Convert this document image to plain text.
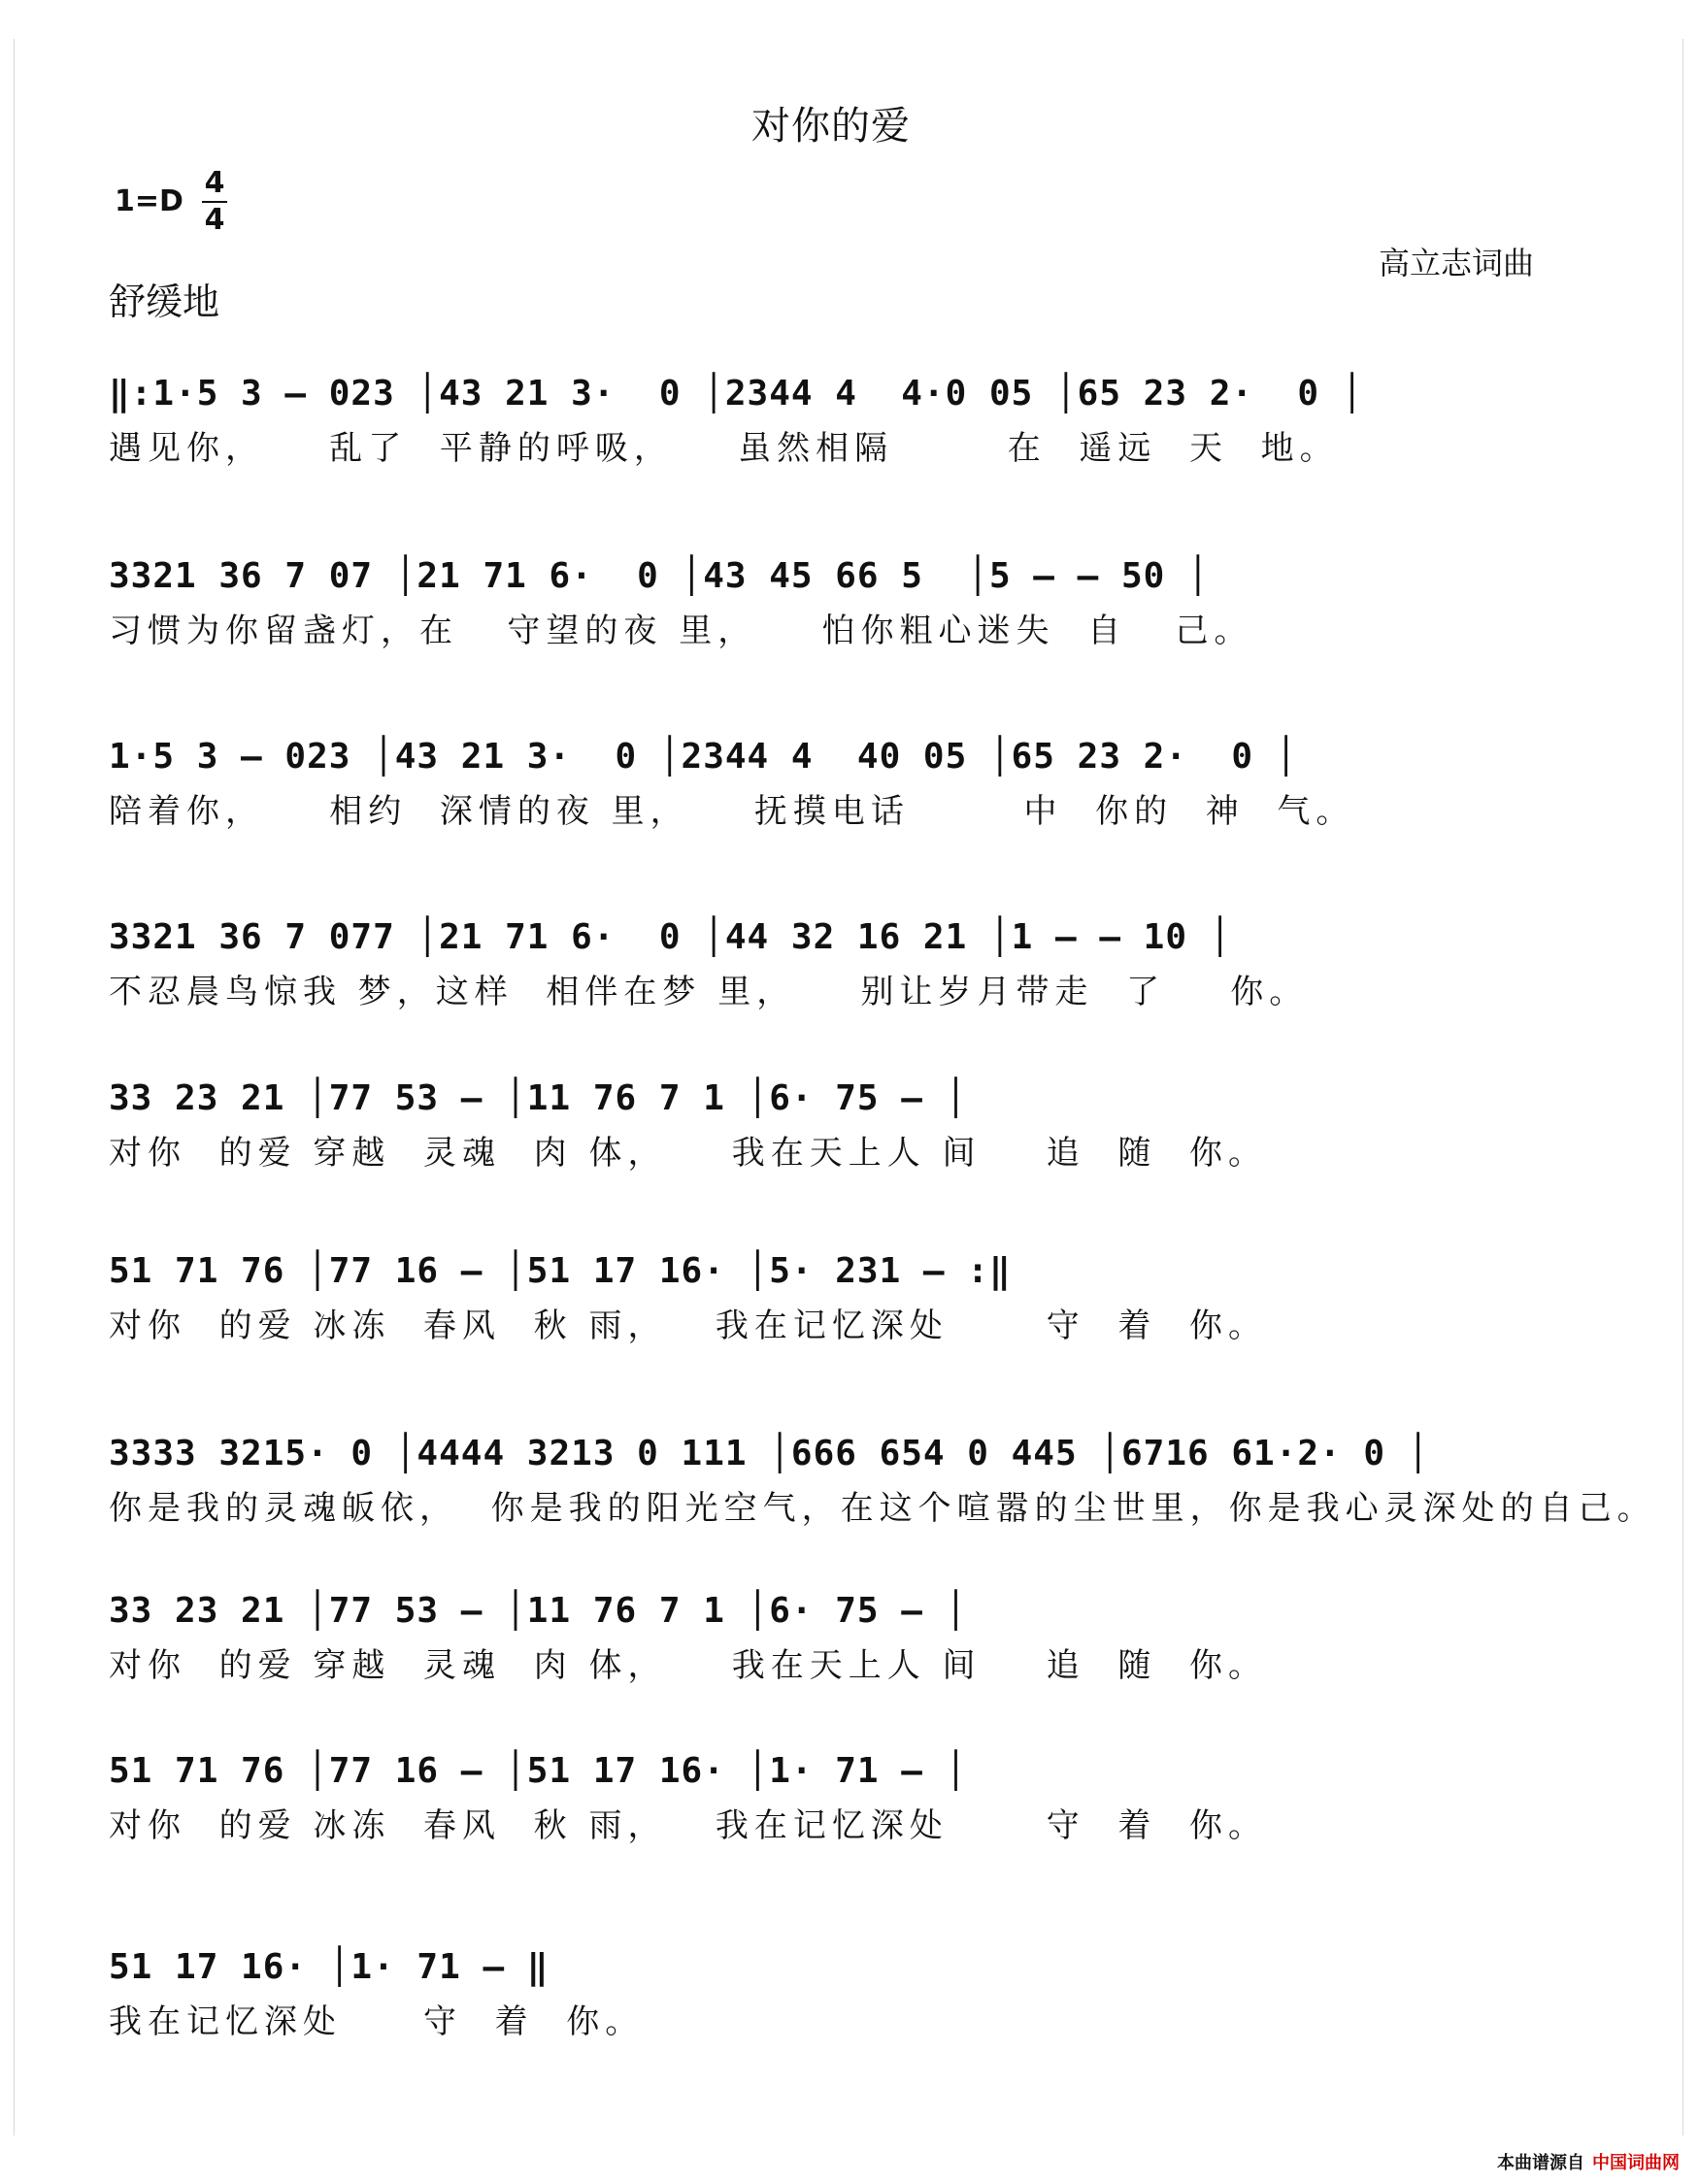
对你的爱
1=D
4
4
舒缓地
高立志词曲
‖:1·5 3 – 023 │43 21 3·  0 │2344 4  4·0 05 │65 23 2·  0 │
遇见你，    乱了  平静的呼吸，    虽然相隔       在  遥远  天  地。
3321 36 7 07 │21 71 6·  0 │43 45 66 5  │5 – – 50 │
习惯为你留盏灯，在   守望的夜 里，    怕你粗心迷失  自   己。
1·5 3 – 023 │43 21 3·  0 │2344 4  40 05 │65 23 2·  0 │
陪着你，    相约  深情的夜 里，    抚摸电话       中  你的  神  气。
3321 36 7 077 │21 71 6·  0 │44 32 16 21 │1 – – 10 │
不忍晨鸟惊我 梦，这样  相伴在梦 里，    别让岁月带走  了    你。
33 23 21 │77 53 – │11 76 7 1 │6· 75 – │
对你  的爱 穿越  灵魂  肉 体，    我在天上人 间    追  随  你。
51 71 76 │77 16 – │51 17 16· │5· 231 – :‖
对你  的爱 冰冻  春风  秋 雨，   我在记忆深处      守  着  你。
3333 3215· 0 │4444 3213 0 111 │666 654 0 445 │6716 61·2· 0 │
你是我的灵魂皈依，  你是我的阳光空气，在这个喧嚣的尘世里，你是我心灵深处的自己。
33 23 21 │77 53 – │11 76 7 1 │6· 75 – │
对你  的爱 穿越  灵魂  肉 体，    我在天上人 间    追  随  你。
51 71 76 │77 16 – │51 17 16· │1· 71 – │
对你  的爱 冰冻  春风  秋 雨，   我在记忆深处      守  着  你。
51 17 16· │1· 71 – ‖
我在记忆深处     守  着  你。
本曲谱源自 中国词曲网
